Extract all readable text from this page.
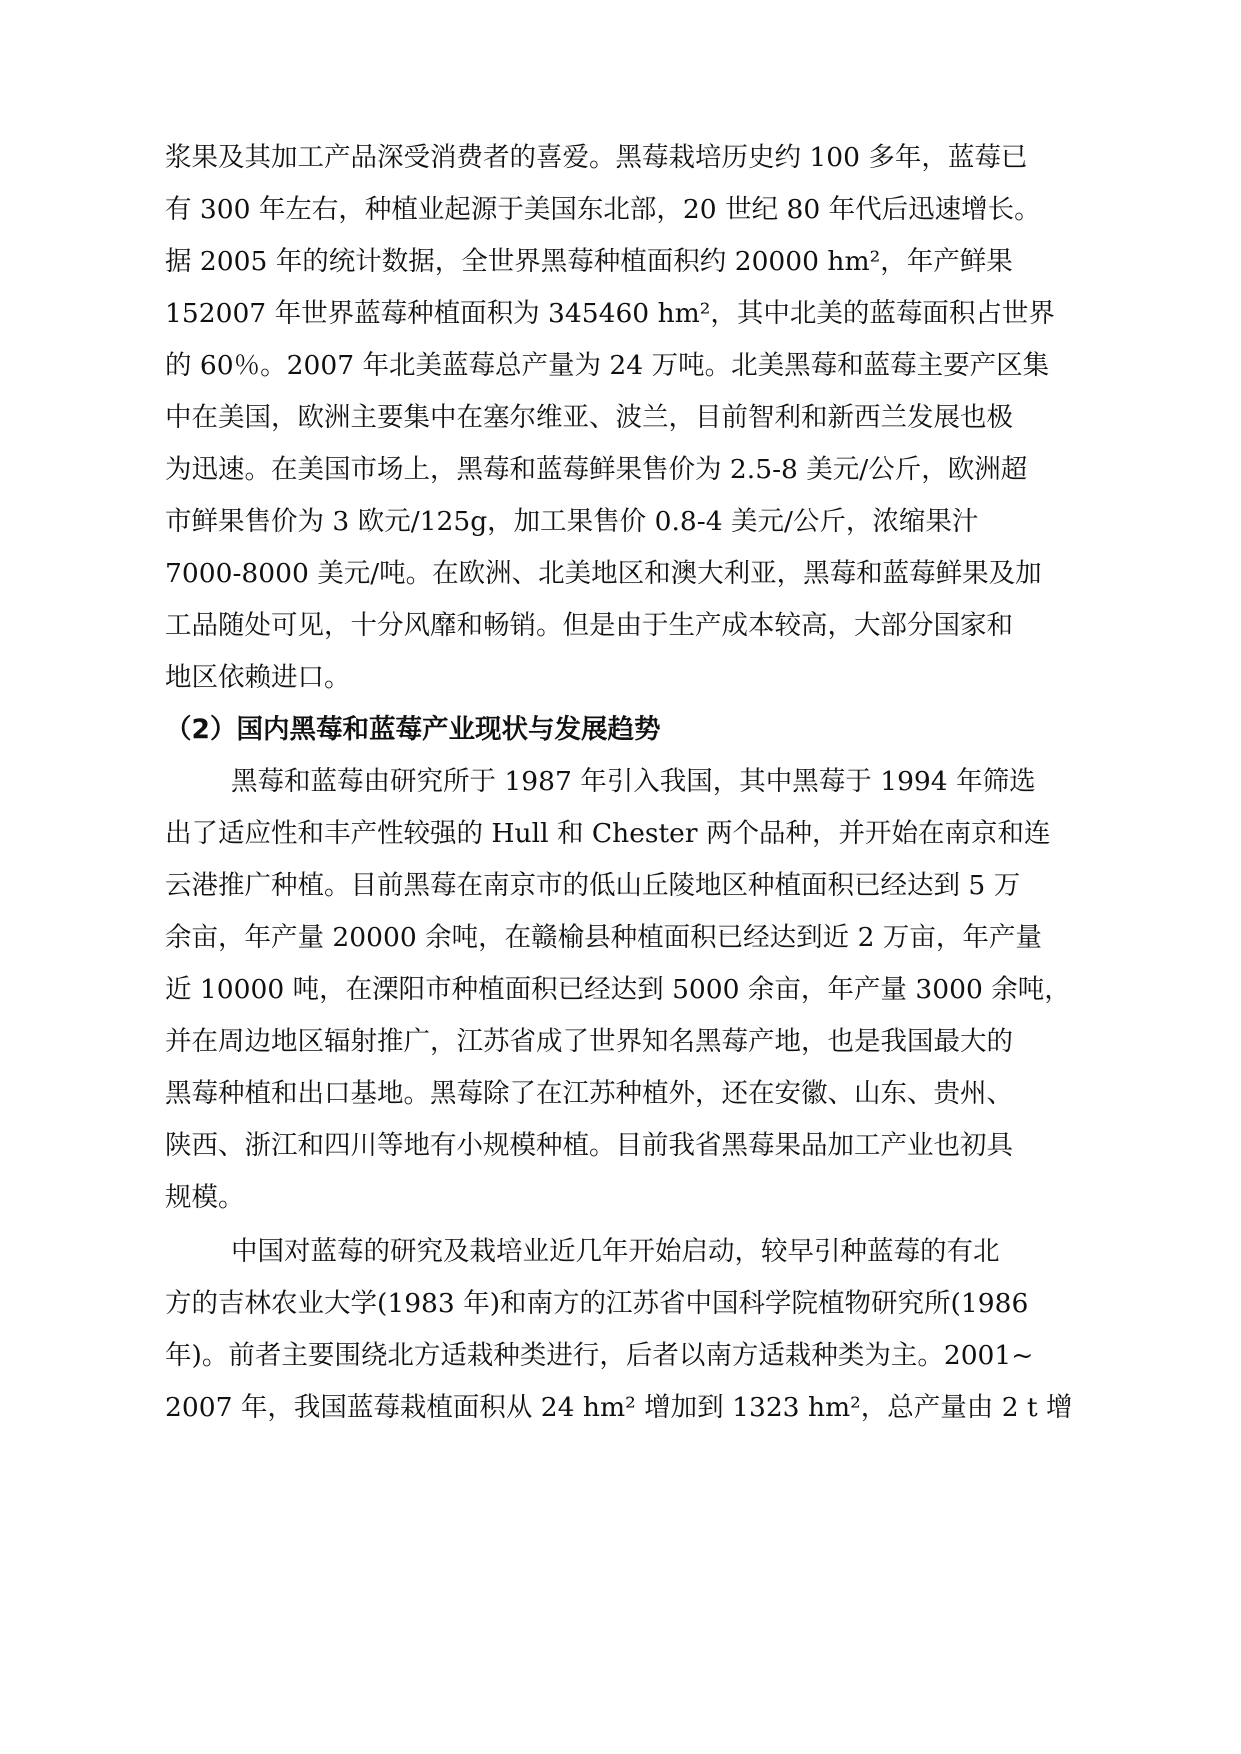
浆果及其加工产品深受消费者的喜爱。黑莓栽培历史约 100 多年，蓝莓已
有 300 年左右，种植业起源于美国东北部，20 世纪 80 年代后迅速增长。
据 2005 年的统计数据，全世界黑莓种植面积约 20000 hm²，年产鲜果
152007 年世界蓝莓种植面积为 345460 hm²，其中北美的蓝莓面积占世界
的 60％。2007 年北美蓝莓总产量为 24 万吨。北美黑莓和蓝莓主要产区集
中在美国，欧洲主要集中在塞尔维亚、波兰，目前智利和新西兰发展也极
为迅速。在美国市场上，黑莓和蓝莓鲜果售价为 2.5-8 美元/公斤，欧洲超
市鲜果售价为 3 欧元/125g，加工果售价 0.8-4 美元/公斤，浓缩果汁
7000-8000 美元/吨。在欧洲、北美地区和澳大利亚，黑莓和蓝莓鲜果及加
工品随处可见，十分风靡和畅销。但是由于生产成本较高，大部分国家和
地区依赖进口。
（2）国内黑莓和蓝莓产业现状与发展趋势
黑莓和蓝莓由研究所于 1987 年引入我国，其中黑莓于 1994 年筛选
出了适应性和丰产性较强的 Hull 和 Chester 两个品种，并开始在南京和连
云港推广种植。目前黑莓在南京市的低山丘陵地区种植面积已经达到 5 万
余亩，年产量 20000 余吨，在赣榆县种植面积已经达到近 2 万亩，年产量
近 10000 吨，在溧阳市种植面积已经达到 5000 余亩，年产量 3000 余吨，
并在周边地区辐射推广，江苏省成了世界知名黑莓产地，也是我国最大的
黑莓种植和出口基地。黑莓除了在江苏种植外，还在安徽、山东、贵州、
陕西、浙江和四川等地有小规模种植。目前我省黑莓果品加工产业也初具
规模。
中国对蓝莓的研究及栽培业近几年开始启动，较早引种蓝莓的有北
方的吉林农业大学(1983 年)和南方的江苏省中国科学院植物研究所(1986
年)。前者主要围绕北方适栽种类进行，后者以南方适栽种类为主。2001~
2007 年，我国蓝莓栽植面积从 24 hm² 增加到 1323 hm²，总产量由 2 t 增
